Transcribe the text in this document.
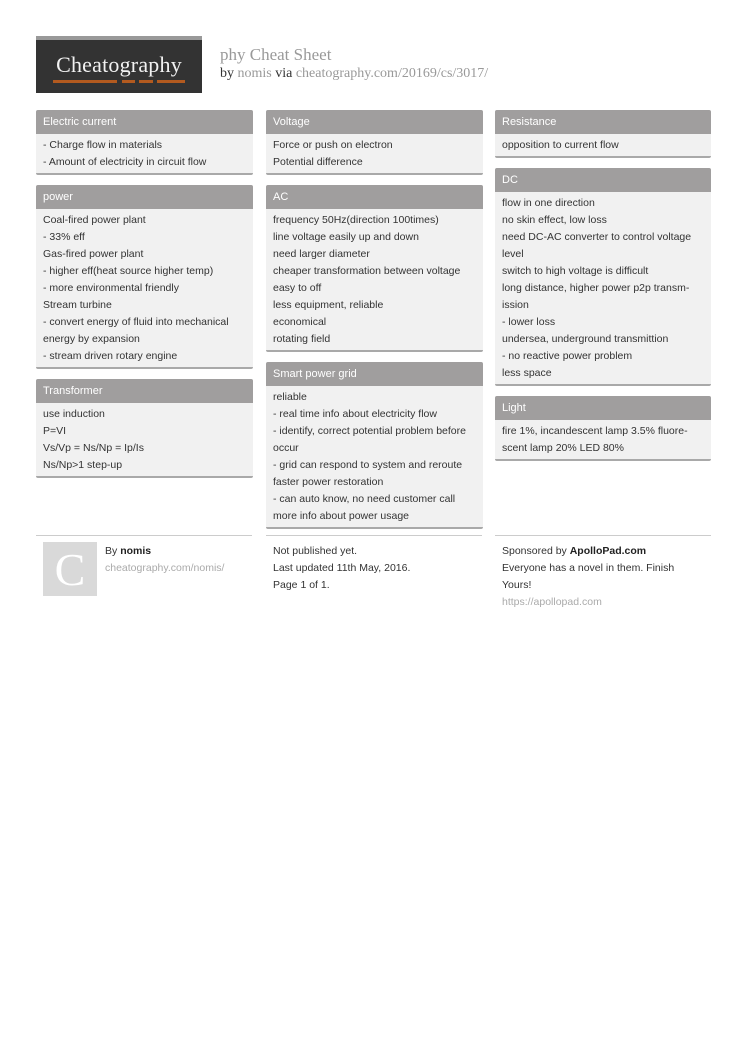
Cheatography	phy Cheat Sheet
by nomis via cheatography.com/20169/cs/3017/
Electric current
- Charge flow in materials
- Amount of electricity in circuit flow
power
Coal-fired power plant
- 33% eff
Gas-fired power plant
- higher eff(heat source higher temp)
- more environmental friendly
Stream turbine
- convert energy of fluid into mechanical
energy by expansion
- stream driven rotary engine
Transformer
use induction
P=VI
Vs/Vp = Ns/Np = Ip/Is
Ns/Np>1 step-up
Voltage
Force or push on electron
Potential difference
AC
frequency 50Hz(direction 100times)
line voltage easily up and down
need larger diameter
cheaper transformation between voltage
easy to off
less equipment, reliable
economical
rotating field
Smart power grid
reliable
- real time info about electricity flow
- identify, correct potential problem before
occur
- grid can respond to system and reroute
faster power restoration
- can auto know, no need customer call
more info about power usage
Resistance
opposition to current flow
DC
flow in one direction
no skin effect, low loss
need DC-AC converter to control voltage
level
switch to high voltage is difficult
long distance, higher power p2p transm-
ission
- lower loss
undersea, underground transmittion
- no reactive power problem
less space
Light
fire 1%, incandescent lamp 3.5% fluore-
scent lamp 20% LED 80%
C	By nomis
cheatography.com/nomis/
Not published yet.
Last updated 11th May, 2016.
Page 1 of 1.
Sponsored by ApolloPad.com
Everyone has a novel in them. Finish
Yours!
https://apollopad.com
